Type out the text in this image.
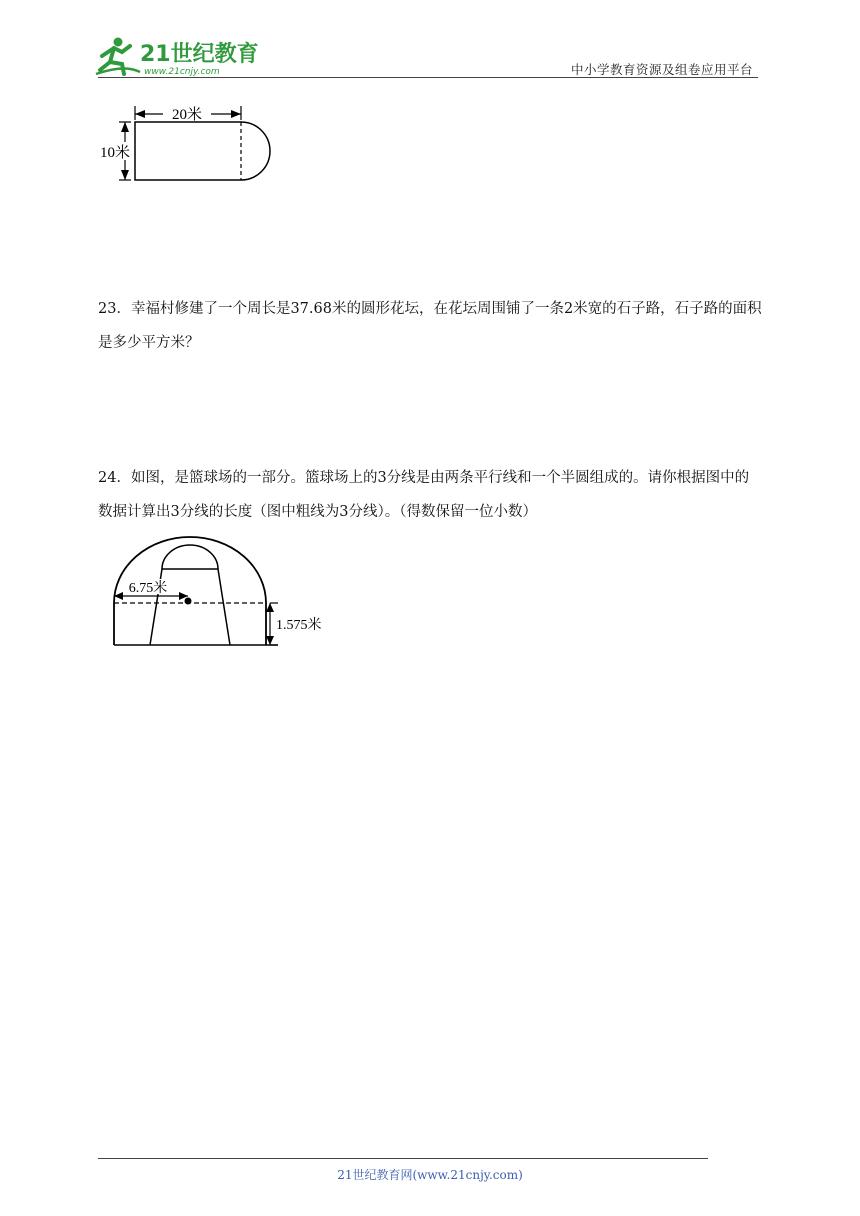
21世纪教育
www.21cnjy.com	中小学教育资源及组卷应用平台
20米
10米
23．幸福村修建了一个周长是37.68米的圆形花坛，在花坛周围铺了一条2米宽的石子路，石子路的面积是多少平方米？
24．如图，是篮球场的一部分。篮球场上的3分线是由两条平行线和一个半圆组成的。请你根据图中的数据计算出3分线的长度（图中粗线为3分线）。（得数保留一位小数）
6.75米
1.575米
21世纪教育网(www.21cnjy.com)
